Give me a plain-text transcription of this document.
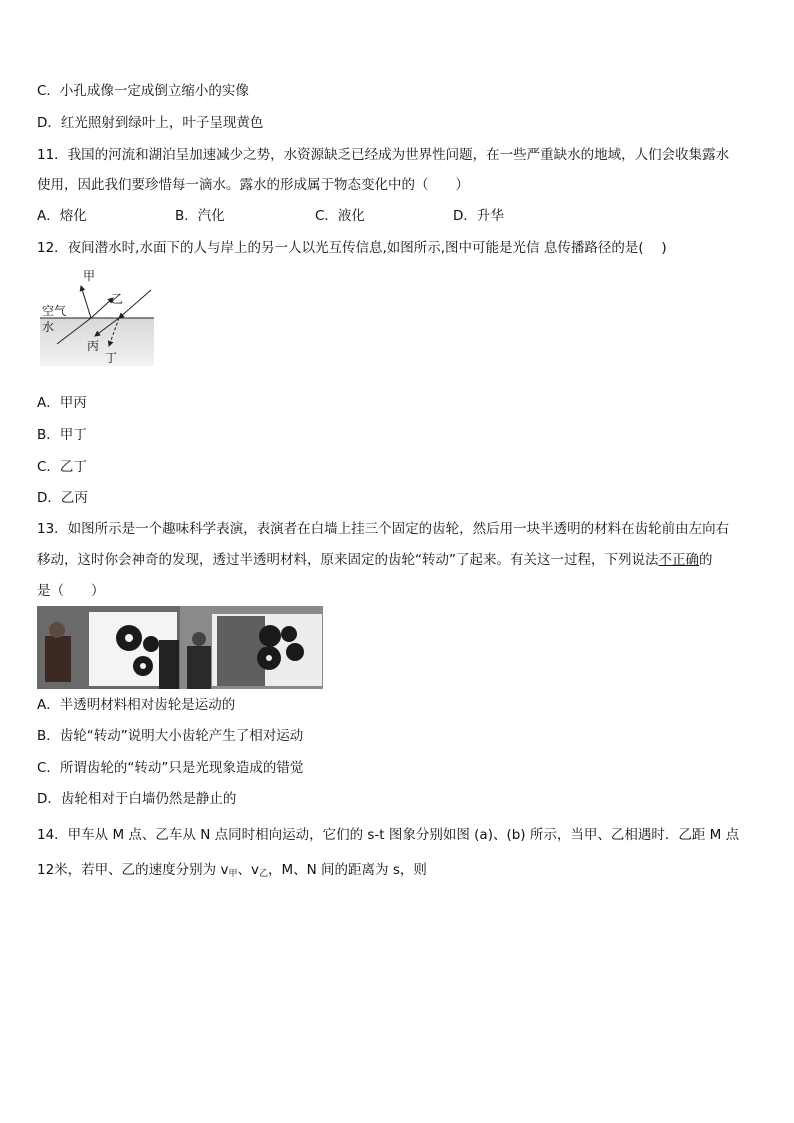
C．小孔成像一定成倒立缩小的实像
D．红光照射到绿叶上，叶子呈现黄色
11．我国的河流和湖泊呈加速减少之势，水资源缺乏已经成为世界性问题，在一些严重缺水的地域，人们会收集露水
使用，因此我们要珍惜每一滴水。露水的形成属于物态变化中的（　　）
A．熔化	B．汽化	C．液化	D．升华
12．夜间潜水时,水面下的人与岸上的另一人以光互传信息,如图所示,图中可能是光信 息传播路径的是(　 )
甲
乙
空气
水
丙
丁
A．甲丙
B．甲丁
C．乙丁
D．乙丙
13．如图所示是一个趣味科学表演，表演者在白墙上挂三个固定的齿轮，然后用一块半透明的材料在齿轮前由左向右
移动，这时你会神奇的发现，透过半透明材料，原来固定的齿轮“转动”了起来。有关这一过程，下列说法不正确的
是（　　）
A．半透明材料相对齿轮是运动的
B．齿轮“转动”说明大小齿轮产生了相对运动
C．所谓齿轮的“转动”只是光现象造成的错觉
D．齿轮相对于白墙仍然是静止的
14．甲车从 M 点、乙车从 N 点同时相向运动，它们的 s-t 图象分别如图 (a)、(b) 所示，当甲、乙相遇时．乙距 M 点
12米，若甲、乙的速度分别为 $v_甲$、$v_乙$，M、N 间的距离为 s，则
